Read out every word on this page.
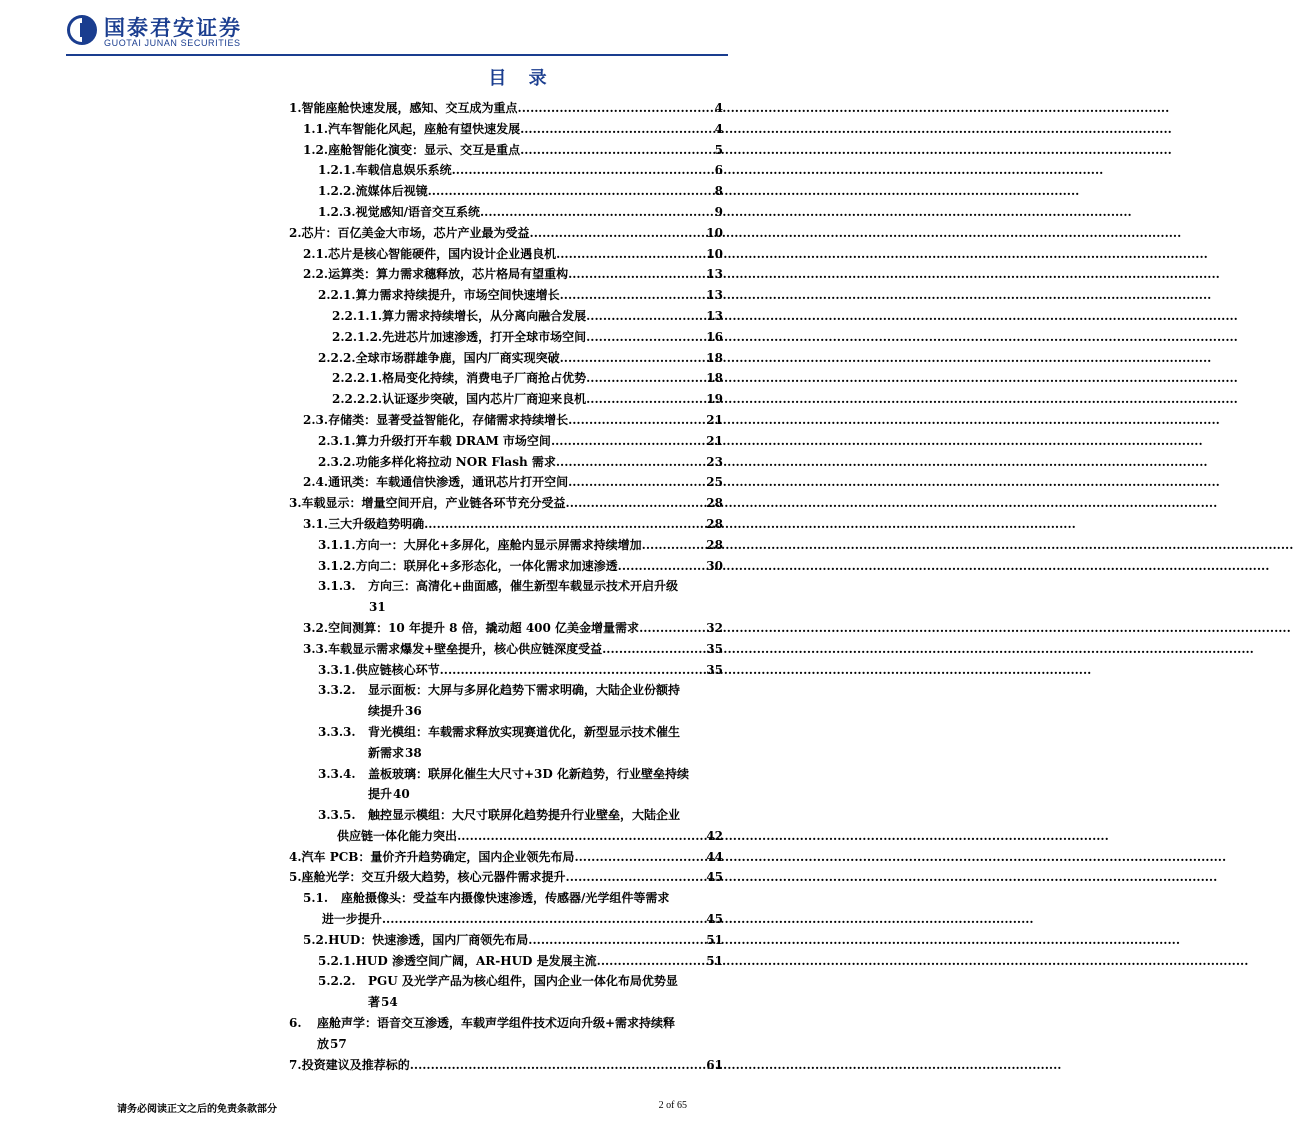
国泰君安证券
GUOTAI JUNAN SECURITIES
目 录
1. 智能座舱快速发展，感知、交互成为重点 .....	4
1.1. 汽车智能化风起，座舱有望快速发展 .....	4
1.2. 座舱智能化演变：显示、交互是重点 .....	5
1.2.1. 车载信息娱乐系统 .....	6
1.2.2. 流媒体后视镜 .....	8
1.2.3. 视觉感知/语音交互系统 .....	9
2. 芯片：百亿美金大市场，芯片产业最为受益 .....	10
2.1. 芯片是核心智能硬件，国内设计企业遇良机 .....	10
2.2. 运算类：算力需求穗释放，芯片格局有望重构 .....	13
2.2.1. 算力需求持续提升，市场空间快速增长 .....	13
2.2.1.1. 算力需求持续增长，从分离向融合发展 .....	13
2.2.1.2. 先进芯片加速渗透，打开全球市场空间 .....	16
2.2.2. 全球市场群雄争鹿，国内厂商实现突破 .....	18
2.2.2.1. 格局变化持续，消费电子厂商抢占优势 .....	18
2.2.2.2. 认证逐步突破，国内芯片厂商迎来良机 .....	19
2.3. 存储类：显著受益智能化，存储需求持续增长 .....	21
2.3.1. 算力升级打开车载 DRAM 市场空间 .....	21
2.3.2. 功能多样化将拉动 NOR Flash 需求 .....	23
2.4. 通讯类：车载通信快渗透，通讯芯片打开空间 .....	25
3. 车载显示：增量空间开启，产业链各环节充分受益 .....	28
3.1. 三大升级趋势明确 .....	28
3.1.1. 方向一：大屏化+多屏化，座舱内显示屏需求持续增加 .....	28
3.1.2. 方向二：联屏化+多形态化，一体化需求加速渗透 .....	30
3.1.3.	方向三：高清化+曲面感，催生新型车载显示技术开启升级
31
3.2. 空间测算：10 年提升 8 倍，撬动超 400 亿美金增量需求 .....	32
3.3. 车载显示需求爆发+壁垒提升，核心供应链深度受益 .....	35
3.3.1. 供应链核心环节 .....	35
3.3.2.	显示面板：大屏与多屏化趋势下需求明确，大陆企业份额持
续提升 36
3.3.3.	背光模组：车载需求释放实现赛道优化，新型显示技术催生
新需求 38
3.3.4.	盖板玻璃：联屏化催生大尺寸+3D 化新趋势，行业壁垒持续
提升 40
3.3.5.	触控显示模组：大尺寸联屏化趋势提升行业壁垒，大陆企业
供应链一体化能力突出 .....	42
4. 汽车 PCB：量价齐升趋势确定，国内企业领先布局 .....	44
5. 座舱光学：交互升级大趋势，核心元器件需求提升 .....	45
5.1.	座舱摄像头：受益车内摄像快速渗透，传感器/光学组件等需求
进一步提升 .....	45
5.2. HUD：快速渗透，国内厂商领先布局 .....	51
5.2.1. HUD 渗透空间广阔，AR-HUD 是发展主流 .....	51
5.2.2.	PGU 及光学产品为核心组件，国内企业一体化布局优势显
著 54
6.	座舱声学：语音交互渗透，车载声学组件技术迈向升级+需求持续释
放 57
7. 投资建议及推荐标的 .....	61
请务必阅读正文之后的免责条款部分	2 of 65
